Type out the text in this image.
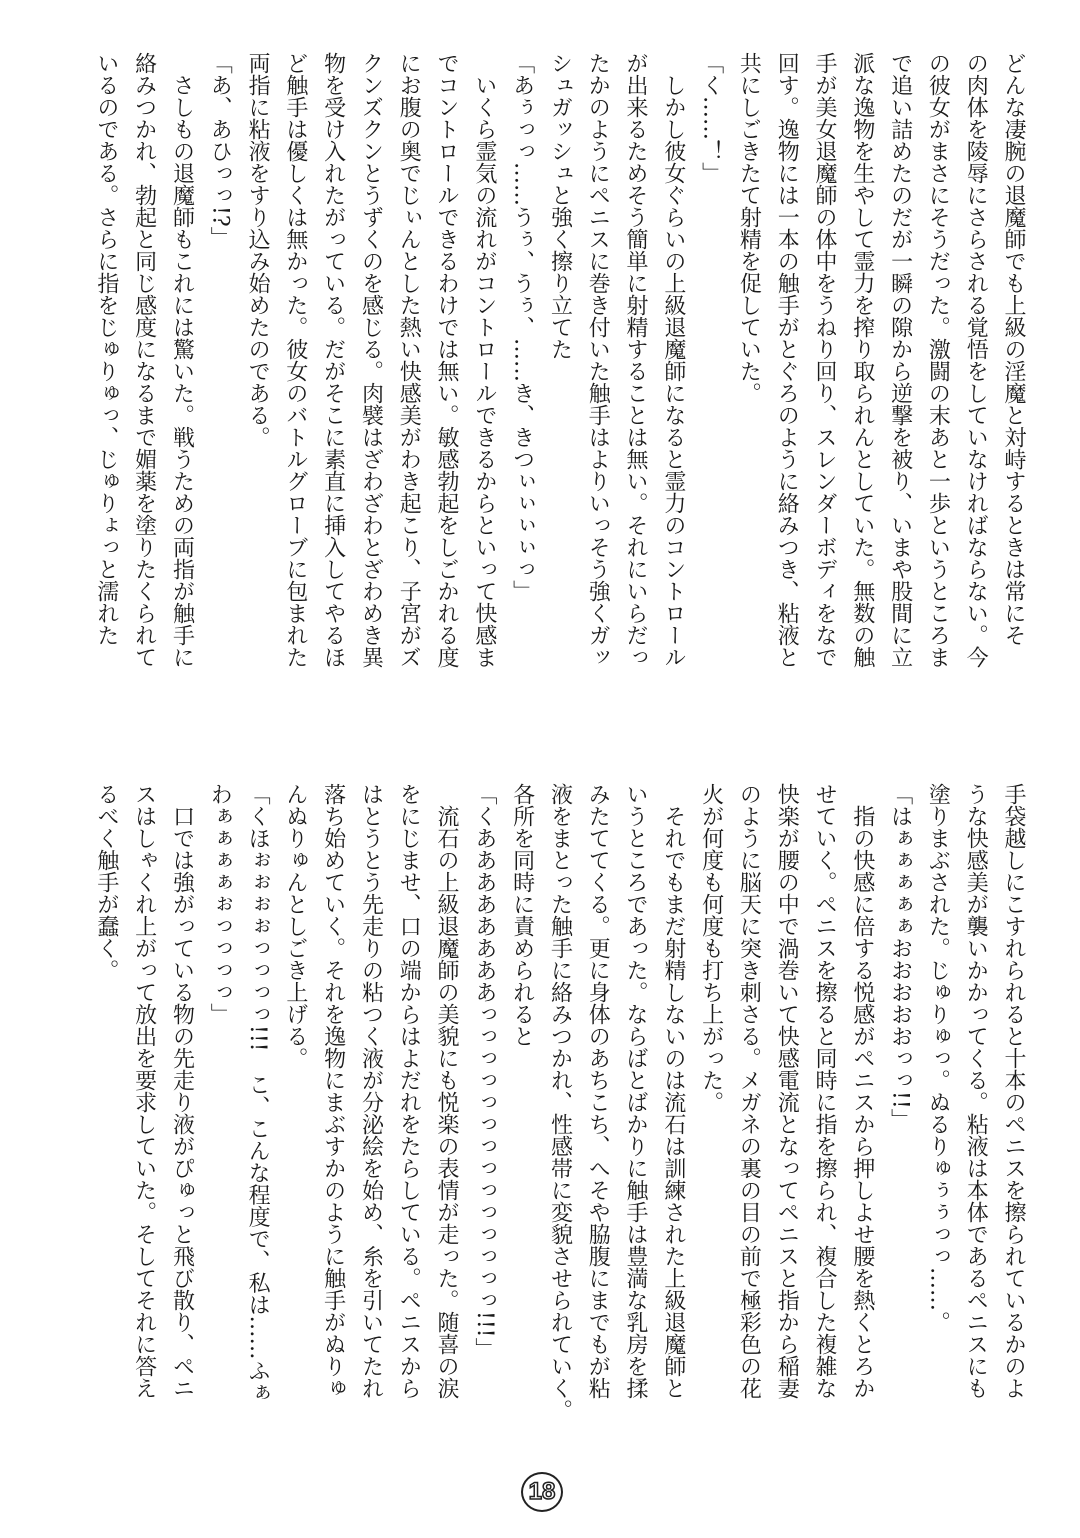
どんな凄腕の退魔師でも上級の淫魔と対峙するときは常にそ
の肉体を陵辱にさらされる覚悟をしていなければならない。今
の彼女がまさにそうだった。激闘の末あと一歩というところま
で追い詰めたのだが一瞬の隙から逆撃を被り、いまや股間に立
派な逸物を生やして霊力を搾り取られんとしていた。無数の触
手が美女退魔師の体中をうねり回り、スレンダーボディをなで
回す。逸物には一本の触手がとぐろのように絡みつき、粘液と
共にしごきたて射精を促していた。
「く……！」
　しかし彼女ぐらいの上級退魔師になると霊力のコントロール
が出来るためそう簡単に射精することは無い。それにいらだっ
たかのようにペニスに巻き付いた触手はよりいっそう強くガッ
シュガッシュと強く擦り立てた
「あぅっっ……うぅ、うぅ、……き、きつぃぃぃぃっ」
　いくら霊気の流れがコントロールできるからといって快感ま
でコントロールできるわけでは無い。敏感勃起をしごかれる度
にお腹の奥でじぃんとした熱い快感美がわき起こり、子宮がズ
クンズクンとうずくのを感じる。肉襞はざわざわとざわめき異
物を受け入れたがっている。だがそこに素直に挿入してやるほ
ど触手は優しくは無かった。彼女のバトルグローブに包まれた
両指に粘液をすり込み始めたのである。
「あ、あひっっ!?」
　さしもの退魔師もこれには驚いた。戦うための両指が触手に
絡みつかれ、勃起と同じ感度になるまで媚薬を塗りたくられて
いるのである。さらに指をじゅりゅっ、じゅりょっと濡れた
手袋越しにこすれられると十本のペニスを擦られているかのよ
うな快感美が襲いかかってくる。粘液は本体であるペニスにも
塗りまぶされた。じゅりゅっ。ぬるりゅぅぅっっ……。
「はぁぁぁぁぁおおおおおっっ!!」
　指の快感に倍する悦感がペニスから押しよせ腰を熱くとろか
せていく。ペニスを擦ると同時に指を擦られ、複合した複雑な
快楽が腰の中で渦巻いて快感電流となってペニスと指から稲妻
のように脳天に突き刺さる。メガネの裏の目の前で極彩色の花
火が何度も何度も打ち上がった。
　それでもまだ射精しないのは流石は訓練された上級退魔師と
いうところであった。ならばとばかりに触手は豊満な乳房を揉
みたててくる。更に身体のあちこち、へそや脇腹にまでもが粘
液をまとった触手に絡みつかれ、性感帯に変貌させられていく。
各所を同時に責められると
「くああああああああっっっっっっっっっっっっっっ!!!」
　流石の上級退魔師の美貌にも悦楽の表情が走った。随喜の涙
をにじませ、口の端からはよだれをたらしている。ペニスから
はとうとう先走りの粘つく液が分泌絵を始め、糸を引いてたれ
落ち始めていく。それを逸物にまぶすかのように触手がぬりゅ
んぬりゅんとしごき上げる。
「くほぉぉぉぉっっっっ!!!　こ、こんな程度で、私は……ふぁ
わぁぁぁぁぉっっっっ」
　口では強がっている物の先走り液がぴゅっと飛び散り、ペニ
スはしゃくれ上がって放出を要求していた。そしてそれに答え
るべく触手が蠢く。
18
